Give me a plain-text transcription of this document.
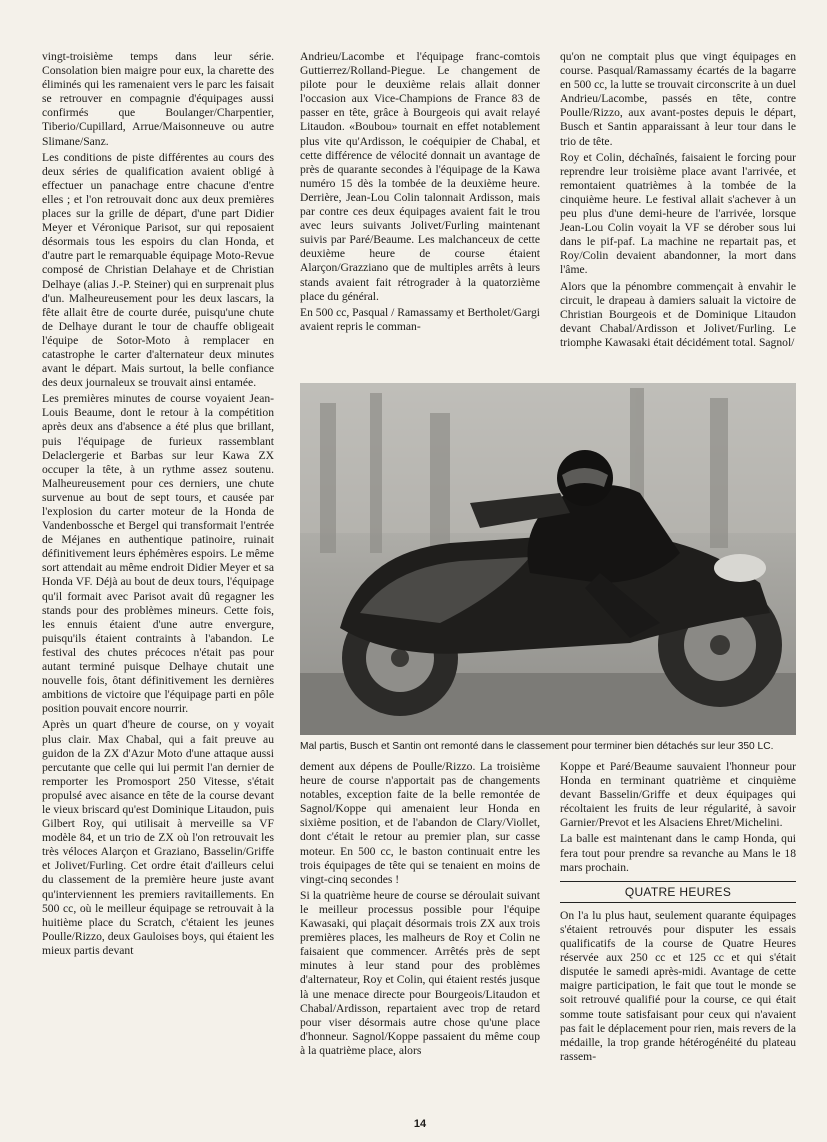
vingt-troisième temps dans leur série. Consolation bien maigre pour eux, la charette des éliminés qui les ramenaient vers le parc les faisait se retrouver en compagnie d'équipages aussi confirmés que Boulanger/Charpentier, Tiberio/Cupillard, Arrue/Maisonneuve ou autre Slimane/Sanz.

Les conditions de piste différentes au cours des deux séries de qualification avaient obligé à effectuer un panachage entre chacune d'entre elles ; et l'on retrouvait donc aux deux premières places sur la grille de départ, d'une part Didier Meyer et Véronique Parisot, sur qui reposaient désormais tous les espoirs du clan Honda, et d'autre part le remarquable équipage Moto-Revue composé de Christian Delahaye et de Christian Delhaye (alias J.-P. Steiner) qui en surprenait plus d'un. Malheureusement pour les deux lascars, la fête allait être de courte durée, puisqu'une chute de Delhaye durant le tour de chauffe obligeait l'équipe de Sotor-Moto à remplacer en catastrophe le carter d'alternateur deux minutes avant le départ. Mais surtout, la belle confiance des deux journaleux se trouvait ainsi entamée.

Les premières minutes de course voyaient Jean-Louis Beaume, dont le retour à la compétition après deux ans d'absence a été plus que brillant, puis l'équipage de furieux rassemblant Delaclergerie et Barbas sur leur Kawa ZX occuper la tête, à un rythme assez soutenu. Malheureusement pour ces derniers, une chute survenue au bout de sept tours, et causée par l'explosion du carter moteur de la Honda de Vandenbossche et Bergel qui transformait l'entrée de Méjanes en authentique patinoire, ruinait définitivement leurs éphémères espoirs. Le même sort attendait au même endroit Didier Meyer et sa Honda VF. Déjà au bout de deux tours, l'équipage qu'il formait avec Parisot avait dû regagner les stands pour des problèmes mineurs. Cette fois, les ennuis étaient d'une autre envergure, puisqu'ils étaient contraints à l'abandon. Le festival des chutes précoces n'était pas pour autant terminé puisque Delhaye chutait une nouvelle fois, ôtant définitivement les dernières ambitions de victoire que l'équipage parti en pôle position pouvait encore nourrir.

Après un quart d'heure de course, on y voyait plus clair. Max Chabal, qui a fait preuve au guidon de la ZX d'Azur Moto d'une attaque aussi percutante que celle qui lui permit l'an dernier de remporter les Promosport 250 Vitesse, s'était propulsé avec aisance en tête de la course devant le vieux briscard qu'est Dominique Litaudon, puis Gilbert Roy, qui utilisait à merveille sa VF modèle 84, et un trio de ZX où l'on retrouvait les très véloces Alarçon et Graziano, Basselin/Griffe et Jolivet/Furling. Cet ordre était d'ailleurs celui du classement de la première heure juste avant qu'interviennent les premiers ravitaillements. En 500 cc, où le meilleur équipage se retrouvait à la huitième place du Scratch, c'étaient les jeunes Poulle/Rizzo, deux Gauloises boys, qui étaient les mieux partis devant

Andrieu/Lacombe et l'équipage franc-comtois Guttierrez/Rolland-Piegue. Le changement de pilote pour le deuxième relais allait donner l'occasion aux Vice-Champions de France 83 de passer en tête, grâce à Bourgeois qui avait relayé Litaudon. «Boubou» tournait en effet notablement plus vite qu'Ardisson, le coéquipier de Chabal, et cette différence de vélocité donnait un avantage de près de quarante secondes à l'équipage de la Kawa numéro 15 dès la tombée de la deuxième heure. Derrière, Jean-Lou Colin talonnait Ardisson, mais par contre ces deux équipages avaient fait le trou avec leurs suivants Jolivet/Furling maintenant suivis par Paré/Beaume. Les malchanceux de cette deuxième heure de course étaient Alarçon/Grazziano que de multiples arrêts à leurs stands avaient fait rétrograder à la quatorzième place du général.

En 500 cc, Pasqual / Ramassamy et Bertholet/Gargi avaient repris le comman-

qu'on ne comptait plus que vingt équipages en course. Pasqual/Ramassamy écartés de la bagarre en 500 cc, la lutte se trouvait circonscrite à un duel Andrieu/Lacombe, passés en tête, contre Poulle/Rizzo, aux avant-postes depuis le départ, Busch et Santin apparaissant à leur tour dans le trio de tête.

Roy et Colin, déchaînés, faisaient le forcing pour reprendre leur troisième place avant l'arrivée, et remontaient quatrièmes à la tombée de la cinquième heure. Le festival allait s'achever à un peu plus d'une demi-heure de l'arrivée, lorsque Jean-Lou Colin voyait la VF se dérober sous lui dans le pif-paf. La machine ne repartait pas, et Roy/Colin devaient abandonner, la mort dans l'âme.

Alors que la pénombre commençait à envahir le circuit, le drapeau à damiers saluait la victoire de Christian Bourgeois et de Dominique Litaudon devant Chabal/Ardisson et Jolivet/Furling. Le triomphe Kawasaki était décidément total. Sagnol/

Mal partis, Busch et Santin ont remonté dans le classement pour terminer bien détachés sur leur 350 LC.

dement aux dépens de Poulle/Rizzo. La troisième heure de course n'apportait pas de changements notables, exception faite de la belle remontée de Sagnol/Koppe qui amenaient leur Honda en sixième position, et de l'abandon de Clary/Viollet, dont c'était le retour au premier plan, sur casse moteur. En 500 cc, le baston continuait entre les trois équipages de tête qui se tenaient en moins de vingt-cinq secondes !

Si la quatrième heure de course se déroulait suivant le meilleur processus possible pour l'équipe Kawasaki, qui plaçait désormais trois ZX aux trois premières places, les malheurs de Roy et Colin ne faisaient que commencer. Arrêtés près de sept minutes à leur stand pour des problèmes d'alternateur, Roy et Colin, qui étaient restés jusque là une menace directe pour Bourgeois/Litaudon et Chabal/Ardisson, repartaient avec trop de retard pour viser désormais autre chose qu'une place d'honneur. Sagnol/Koppe passaient du même coup à la quatrième place, alors

Koppe et Paré/Beaume sauvaient l'honneur pour Honda en terminant quatrième et cinquième devant Basselin/Griffe et deux équipages qui récoltaient les fruits de leur régularité, à savoir Garnier/Prevot et les Alsaciens Ehret/Michelini.

La balle est maintenant dans le camp Honda, qui fera tout pour prendre sa revanche au Mans le 18 mars prochain.

QUATRE HEURES

On l'a lu plus haut, seulement quarante équipages s'étaient retrouvés pour disputer les essais qualificatifs de la course de Quatre Heures réservée aux 250 cc et 125 cc et qui s'était disputée le samedi après-midi. Avantage de cette maigre participation, le fait que tout le monde se soit retrouvé qualifié pour la course, ce qui était somme toute satisfaisant pour ceux qui n'avaient pas fait le déplacement pour rien, mais revers de la médaille, la trop grande hétérogénéité du plateau rassem-

14
